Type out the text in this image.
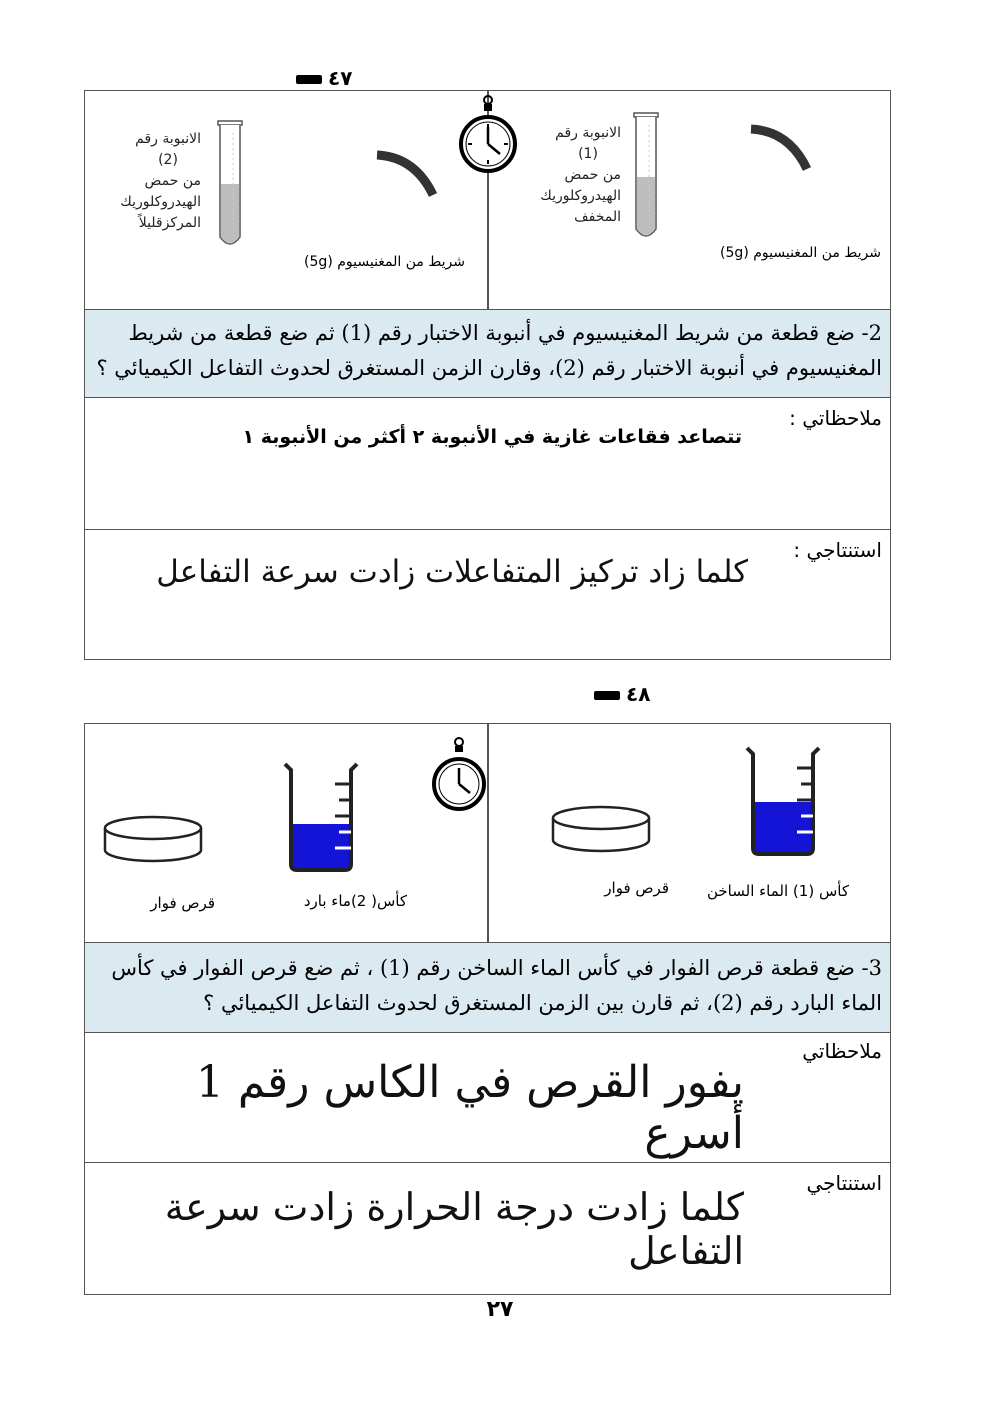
٤٧
الانبوبة رقم
(2)
من حمض
الهيدروكلوريك
المركزقليلاً
شريط من المغنيسيوم (5g)
الانبوبة رقم
(1)
من حمض
الهيدروكلوريك
المخفف
شريط من المغنيسيوم (5g)
2- ضع قطعة من شريط المغنيسيوم في أنبوبة الاختبار رقم (1) ثم ضع قطعة من شريط
المغنيسيوم في أنبوبة الاختبار رقم (2)، وقارن الزمن المستغرق لحدوث التفاعل الكيميائي ؟
ملاحظاتي :
تتصاعد فقاعات غازية في الأنبوبة ٢ أكثر من الأنبوبة ١
استنتاجي :
كلما زاد تركيز المتفاعلات زادت سرعة التفاعل
٤٨
قرص فوار	كأس( 2)ماء بارد
قرص فوار	كأس (1) الماء الساخن
3- ضع قطعة قرص الفوار في كأس الماء الساخن رقم (1) ، ثم ضع قرص الفوار في كأس
الماء البارد رقم (2)، ثم قارن بين الزمن المستغرق لحدوث التفاعل الكيميائي ؟
ملاحظاتي
يفور القرص في الكاس رقم 1 أسرع
استنتاجي
كلما زادت درجة الحرارة زادت سرعة التفاعل
٢٧
